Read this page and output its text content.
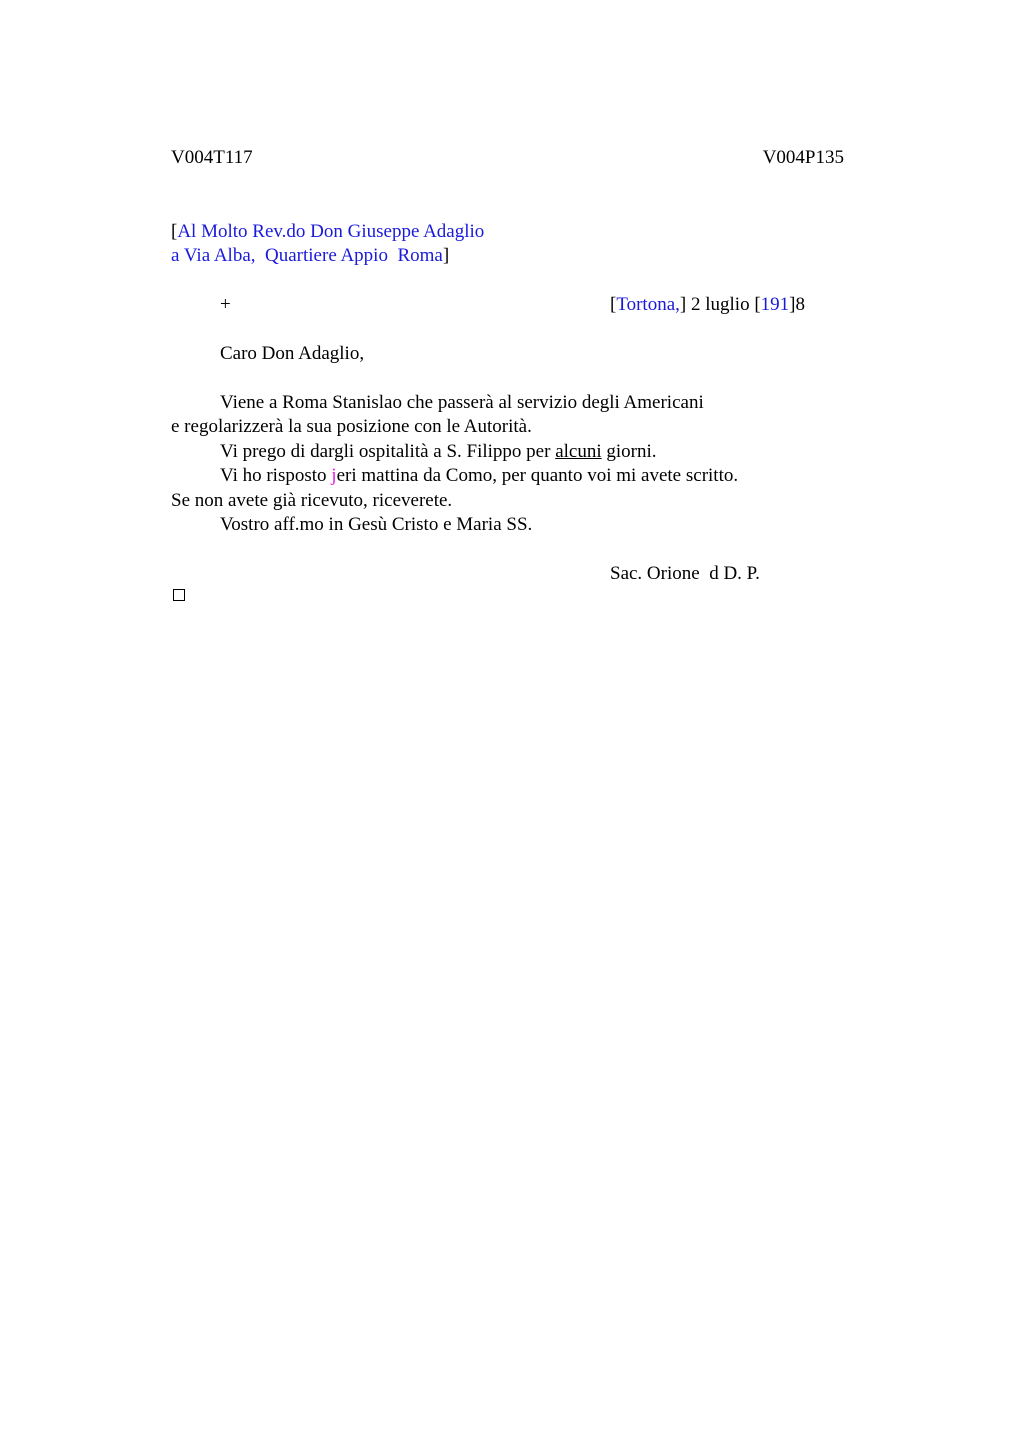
V004T117	V004P135
[Al Molto Rev.do Don Giuseppe Adaglio
a Via Alba,  Quartiere Appio  Roma]
+	[Tortona,] 2 luglio [191]8
Caro Don Adaglio,
Viene a Roma Stanislao che passerà al servizio degli Americani
e regolarizzerà la sua posizione con le Autorità.
Vi prego di dargli ospitalità a S. Filippo per alcuni giorni.
Vi ho risposto jeri mattina da Como, per quanto voi mi avete scritto.
Se non avete già ricevuto, riceverete.
Vostro aff.mo in Gesù Cristo e Maria SS.
Sac. Orione  d D. P.
